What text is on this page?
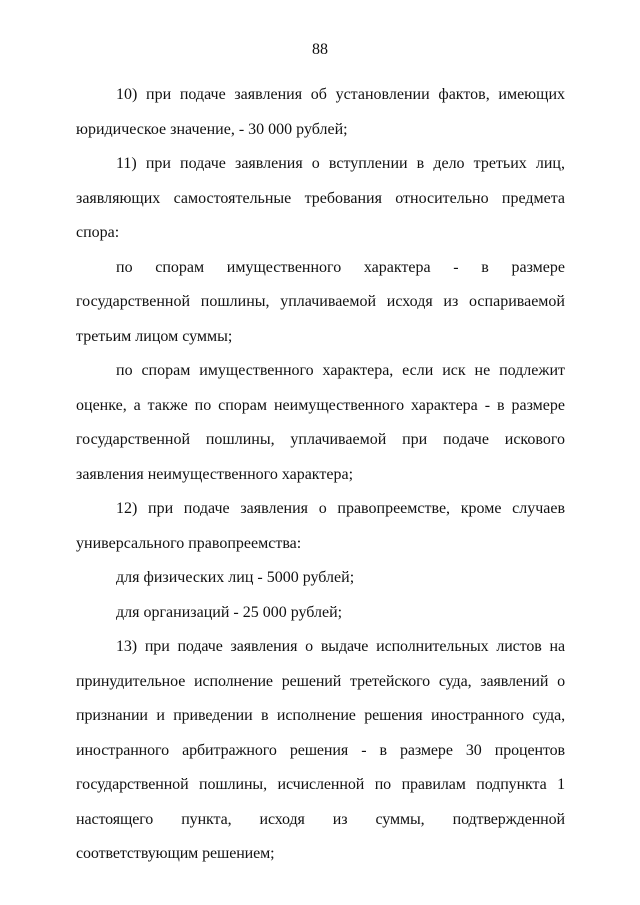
88

10) при подаче заявления об установлении фактов, имеющих юридическое значение, - 30 000 рублей;

11) при подаче заявления о вступлении в дело третьих лиц, заявляющих самостоятельные требования относительно предмета спора:

по спорам имущественного характера - в размере государственной пошлины, уплачиваемой исходя из оспариваемой третьим лицом суммы;

по спорам имущественного характера, если иск не подлежит оценке, а также по спорам неимущественного характера - в размере государственной пошлины, уплачиваемой при подаче искового заявления неимущественного характера;

12) при подаче заявления о правопреемстве, кроме случаев универсального правопреемства:

для физических лиц - 5000 рублей;

для организаций - 25 000 рублей;

13) при подаче заявления о выдаче исполнительных листов на принудительное исполнение решений третейского суда, заявлений о признании и приведении в исполнение решения иностранного суда, иностранного арбитражного решения - в размере 30 процентов государственной пошлины, исчисленной по правилам подпункта 1 настоящего пункта, исходя из суммы, подтвержденной соответствующим решением;
